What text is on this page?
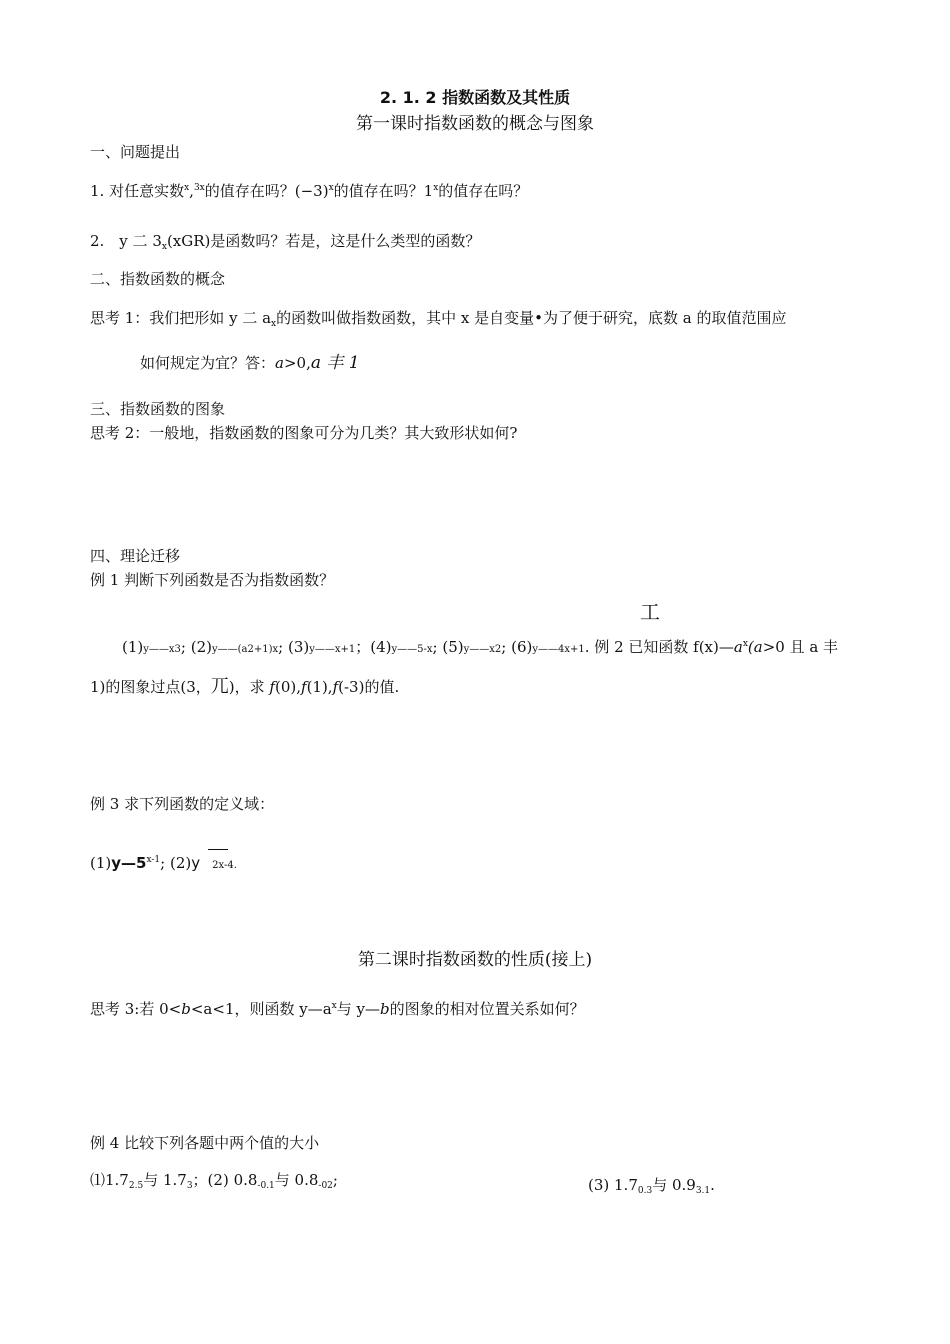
2. 1. 2 指数函数及其性质
第一课时指数函数的概念与图象
一、问题提出
1. 对任意实数$^x$,$^{3x}$的值存在吗？$(-3)^x$的值存在吗？1$^x$的值存在吗？
2.　y 二 $3_x(xGR)$是函数吗？若是，这是什么类型的函数？
二、指数函数的概念
思考 1：我们把形如 y 二 $a_x$的函数叫做指数函数，其中 x 是自变量•为了便于研究，底数 a 的取值范围应
如何规定为宜？答：a>0,a 丰 1
三、指数函数的图象
思考 2：一般地，指数函数的图象可分为几类？其大致形状如何?
四、理论迁移
例 1 判断下列函数是否为指数函数？
工
(1)y——x3; (2)y——(a2+1)x; (3)y——x+1；(4)y——5-x; (5)y——x2; (6)y——4x+1. 例 2 已知函数 $f(x)—a^x(a>0$ 且 a 丰
1)的图象过点(3，兀)，求 f(0),f(1),f(-3)的值.
例 3 求下列函数的定义域：
(1)y—5$^{x-1}$; (2)y 2x-4.
第二课时指数函数的性质(接上)
思考 3:若 0<b<a<1，则函数 $y—a^x$与 y—b的图象的相对位置关系如何？
例 4 比较下列各题中两个值的大小
$⑴1.7_{2.5}$与 $1.7_3$；(2) $0.8_{-0.1}$与 $0.8_{-02}$;	(3) $1.7_{0.3}$与 $0.9_{3.1}$.
